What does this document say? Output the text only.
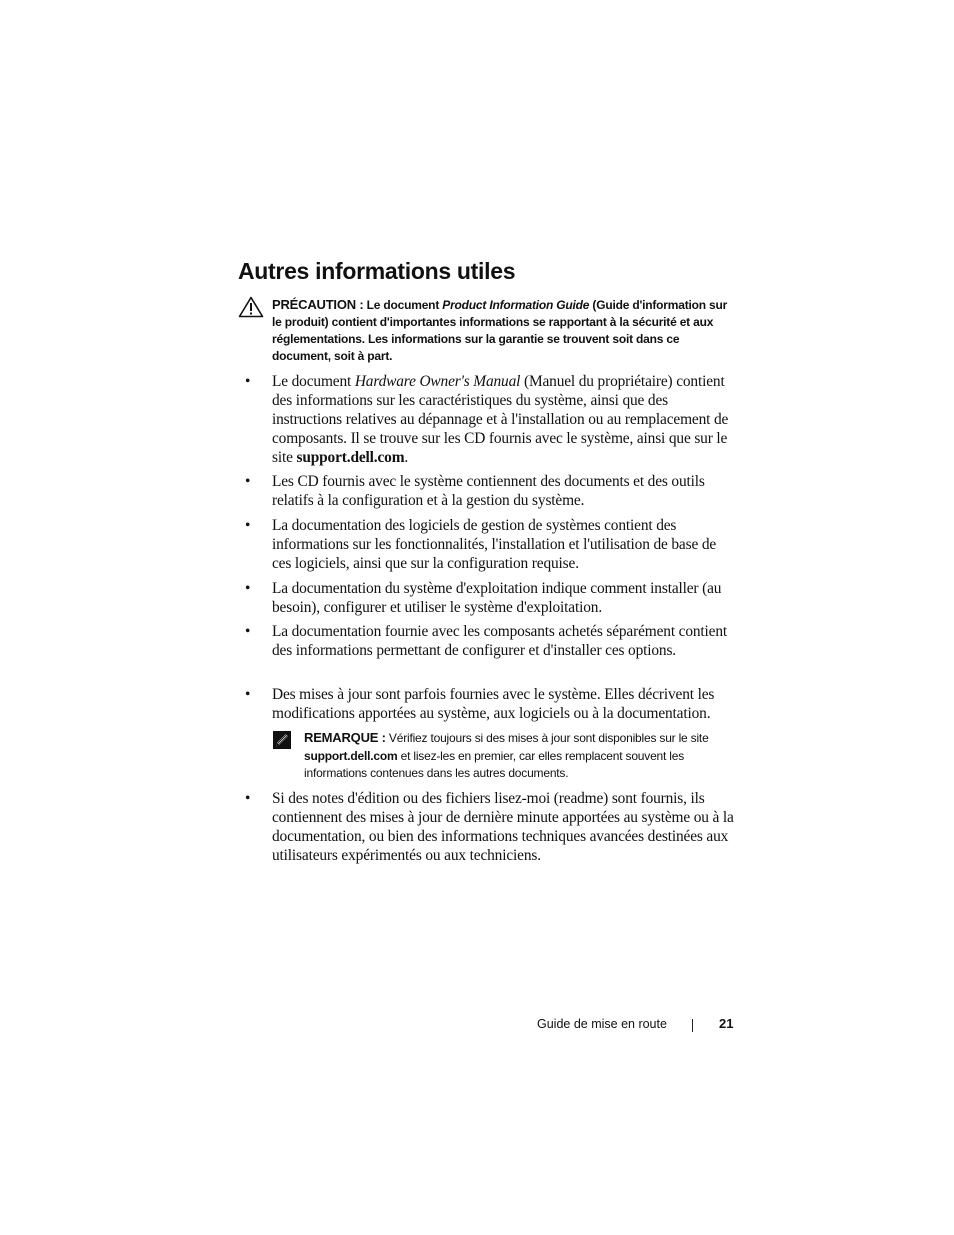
Autres informations utiles
PRÉCAUTION : Le document Product Information Guide (Guide d'information sur le produit) contient d'importantes informations se rapportant à la sécurité et aux réglementations. Les informations sur la garantie se trouvent soit dans ce document, soit à part.
• Le document Hardware Owner's Manual (Manuel du propriétaire) contient des informations sur les caractéristiques du système, ainsi que des instructions relatives au dépannage et à l'installation ou au remplacement de composants. Il se trouve sur les CD fournis avec le système, ainsi que sur le site support.dell.com.
• Les CD fournis avec le système contiennent des documents et des outils relatifs à la configuration et à la gestion du système.
• La documentation des logiciels de gestion de systèmes contient des informations sur les fonctionnalités, l'installation et l'utilisation de base de ces logiciels, ainsi que sur la configuration requise.
• La documentation du système d'exploitation indique comment installer (au besoin), configurer et utiliser le système d'exploitation.
• La documentation fournie avec les composants achetés séparément contient des informations permettant de configurer et d'installer ces options.
• Des mises à jour sont parfois fournies avec le système. Elles décrivent les modifications apportées au système, aux logiciels ou à la documentation.
• Si des notes d'édition ou des fichiers lisez-moi (readme) sont fournis, ils contiennent des mises à jour de dernière minute apportées au système ou à la documentation, ou bien des informations techniques avancées destinées aux utilisateurs expérimentés ou aux techniciens.
REMARQUE : Vérifiez toujours si des mises à jour sont disponibles sur le site support.dell.com et lisez-les en premier, car elles remplacent souvent les informations contenues dans les autres documents.
Guide de mise en route	21
